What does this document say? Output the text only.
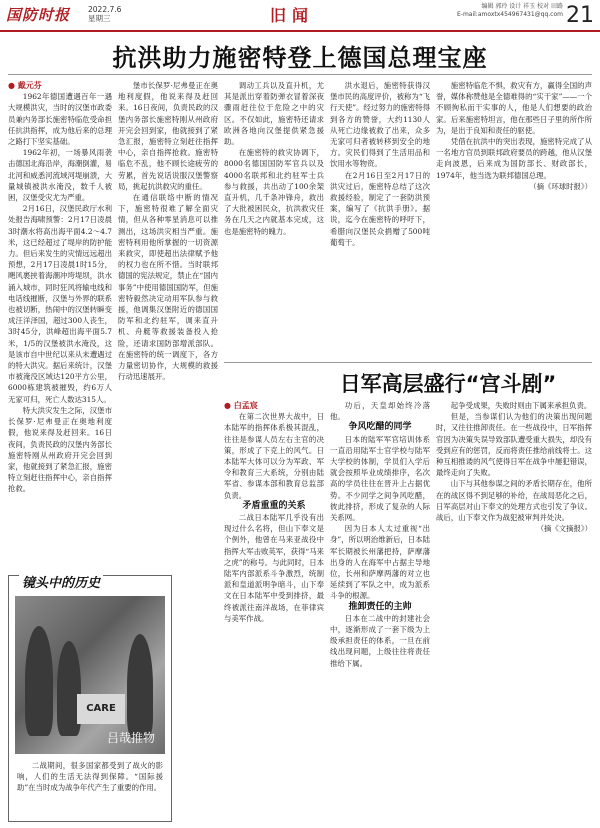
国防时报	2022.7.6
星期三	旧闻	编辑 郭玲 设计 祥玉 校对 田路
E-mail:amoxtx454967431@qq.com 21
抗洪助力施密特登上德国总理宝座

● 戴元芬

1962年德国遭遇百年一遇大规模洪灾，当时的汉堡市政委员兼内务部长施密特临危受命担任抗洪指挥，成为他后来的总理之路打下坚实基础。

1962年初，一场暴风雨袭击德国北海沿岸，海潮倒灌，易北河和威悉河流域河堤崩溃，大量城镇被洪水淹没，数千人被困，汉堡受灾尤为严重。

2月16日，汉堡民政厅水利处报告海啸预警：2月17日凌晨3时潮水将高出海平面4.2～4.7米，这已经超过了堤岸的防护能力。但后来发生的灾情远远超出预想，2月17日凌晨1时15分，飓风裹挟着海潮冲垮堤坝，洪水涌入城市，同时狂风将输电线和电话线摧断，汉堡与外界的联系也被切断，热闹中的汉堡转瞬变成汪洋泽国，超过300人丧生，3时45分，洪峰超出海平面5.7米，1/5的汉堡被洪水淹没，这是该市自中世纪以来从未遭遇过的特大洪灾。据后来统计，汉堡市被淹没区域达120平方公里，6000栋建筑被摧毁，约6万人无家可归，死亡人数达315人。

特大洪灾发生之际，汉堡市长保罗·尼弗曼正在奥地利度假，他说来得及赶回来。16日夜间，负责民政的汉堡内务部长施密特刚从州政府开完会回到家，他就接到了紧急汇报，施密特立刻赶往指挥中心，亲自指挥抢救。

堡市长保罗·尼弗曼正在奥地利度假，他说来得及赶回来。16日夜间，负责民政的汉堡内务部长施密特刚从州政府开完会回到家，他就接到了紧急汇报，施密特立刻赶往指挥中心，亲自指挥抢救。施密特临危不乱，他不顾长途疲劳的劳累，首先说话说服汉堡警察局，挑起抗洪救灾的重任。

在通信联络中断的情况下，施密特很难了解全面灾情，但从各种零星消息可以推测出，这场洪灾相当严重。施密特利用他所掌握的一切资源来救灾，即使超出法律赋予他的权力也在所不惜。当时联邦德国的宪法规定，禁止在“国内事务”中使用德国国防军，但施密特毅然决定动用军队参与救援，他调集汉堡附近的德国国防军和北约驻军，调来直升机、舟艇等救援装备投入抢险，还请求国防部增派部队。在施密特的统一调度下，各方力量密切协作，大规模的救援行动迅速展开。

调动工兵以及直升机，尤其是派出穿着防弹衣冒着深夜骤雨赶往位于危险之中的灾区。不仅如此，施密特还请求欧洲各地向汉堡提供紧急援助。

在施密特的救灾协调下，8000名德国国防军官兵以及4000名联邦和北约驻军士兵参与救援，共出动了100余架直升机，几千条冲锋舟，救出了大批被困民众，抗洪救灾任务在几天之内就基本完成，这也是施密特的魄力。

洪水退后，施密特获得汉堡市民的高度评价，被称为“飞行天使”。经过努力的施密特得到各方的赞誉，大约1130人从死亡边缘被救了出来，众多无家可归者被转移到安全的地方。灾民们得到了生活用品和饮用水等物资。

在2月16日至2月17日的洪灾过后，施密特总结了这次救援经验，制定了一套防洪预案，编写了《抗洪手册》。据说，迄今在施密特的呼吁下，希腊向汉堡民众捐赠了500吨葡萄干。

施密特临危不惧，救灾有方，赢得全国的声誉，媒体称赞他是全德难得的“实干家”——一个不顾徇私而干实事的人，他是人们想要的政治家。后来施密特坦言，他在那些日子里的所作所为，是出于良知和责任的驱使。

凭借在抗洪中的突出表现，施密特完成了从一名地方官员到联邦政府要员的跨越，他从汉堡走向波恩，后来成为国防部长、财政部长，1974年，他当选为联邦德国总理。

（摘《环球时报》）

日军高层盛行“宫斗剧”

● 白孟宸

在第二次世界大战中，日本陆军的指挥体系极其混乱，往往是参谋人员左右主官的决策，形成了下克上的风气。日本陆军大体可以分为军政、军令和教育三大系统，分别由陆军省、参谋本部和教育总监部负责。

矛盾重重的关系

二战日本陆军几乎没有出现过什么名将，但山下奉文是个例外，他曾在马来亚战役中指挥大军击败英军，获得“马来之虎”的称号。与此同时，日本陆军内部派系斗争激烈，统制派和皇道派明争暗斗，山下奉文在日本陆军中受到排挤，最终被派往南洋战场，在菲律宾与美军作战。

功后，天皇却始终冷落他。

争风吃醋的同学

日本的陆军军官培训体系一直沿用陆军士官学校与陆军大学校的体制，学员们入学后就会按照毕业成绩排序，名次高的学员往往在晋升上占据优势。不少同学之间争风吃醋，彼此排挤，形成了复杂的人际关系网。

因为日本人太过重视“出身”，所以明治维新后，日本陆军长期被长州藩把持，萨摩藩出身的人在海军中占据主导地位，长州和萨摩两藩的对立也延续到了军队之中，成为派系斗争的根源。

推卸责任的主帅

日本在二战中的封建社会中，逐渐形成了一套下级为上级承担责任的体系，一旦在前线出现问题，上级往往将责任推给下属。

起争受成果，失败时则由下属来承担负责。

但是，当参谋们认为他们的决策出现问题时，又往往推卸责任。在一些战役中，日军指挥官因为决策失误导致部队遭受重大损失，却没有受到应有的惩罚，反而将责任推给前线将士。这种互相推诿的风气使得日军在战争中屡犯错误，最终走向了失败。

山下与其他参谋之间的矛盾长期存在，他所在的战区得不到足够的补给，在战局恶化之后，日军高层对山下奉文的处理方式也引发了争议。战后，山下奉文作为战犯被审判并处决。

（摘《文摘报》）

镜头中的历史
CARE
吕哉推物

二战期间，很多国家都受到了战火的影响，人们的生活无法得到保障。“国际援助”在当时成为战争年代产生了重要的作用。
